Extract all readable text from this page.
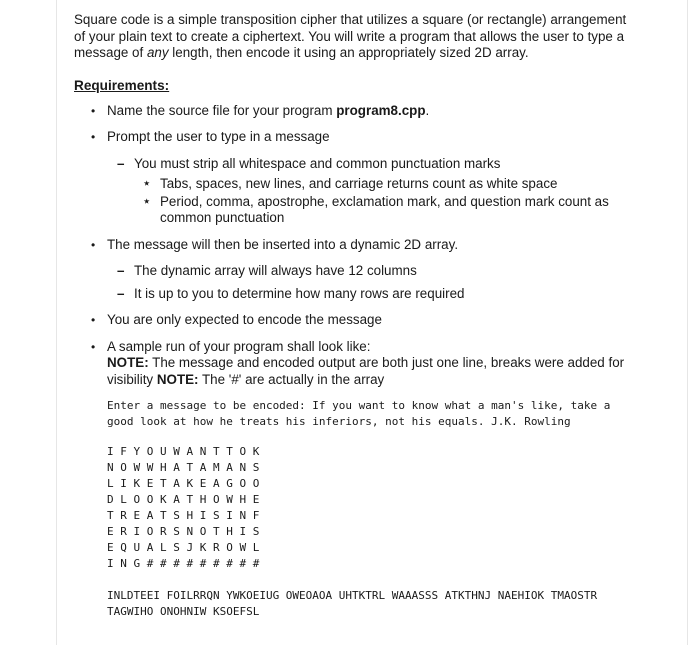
Square code is a simple transposition cipher that utilizes a square (or rectangle) arrangement of your plain text to create a ciphertext. You will write a program that allows the user to type a message of any length, then encode it using an appropriately sized 2D array.

Requirements:

• Name the source file for your program program8.cpp.
• Prompt the user to type in a message
– You must strip all whitespace and common punctuation marks
⋆ Tabs, spaces, new lines, and carriage returns count as white space
⋆ Period, comma, apostrophe, exclamation mark, and question mark count as common punctuation
• The message will then be inserted into a dynamic 2D array.
– The dynamic array will always have 12 columns
– It is up to you to determine how many rows are required
• You are only expected to encode the message
• A sample run of your program shall look like:
NOTE: The message and encoded output are both just one line, breaks were added for visibility NOTE: The '#' are actually in the array
Enter a message to be encoded: If you want to know what a man's like, take a
good look at how he treats his inferiors, not his equals. J.K. Rowling
I F Y O U W A N T T O K
N O W W H A T A M A N S
L I K E T A K E A G O O
D L O O K A T H O W H E
T R E A T S H I S I N F
E R I O R S N O T H I S
E Q U A L S J K R O W L
I N G # # # # # # # # #
INLDTEEI FOILRRQN YWKOEIUG OWEOAOA UHTKTRL WAAASSS ATKTHNJ NAEHIOK TMAOSTR
TAGWIHO ONOHNIW KSOEFSL
